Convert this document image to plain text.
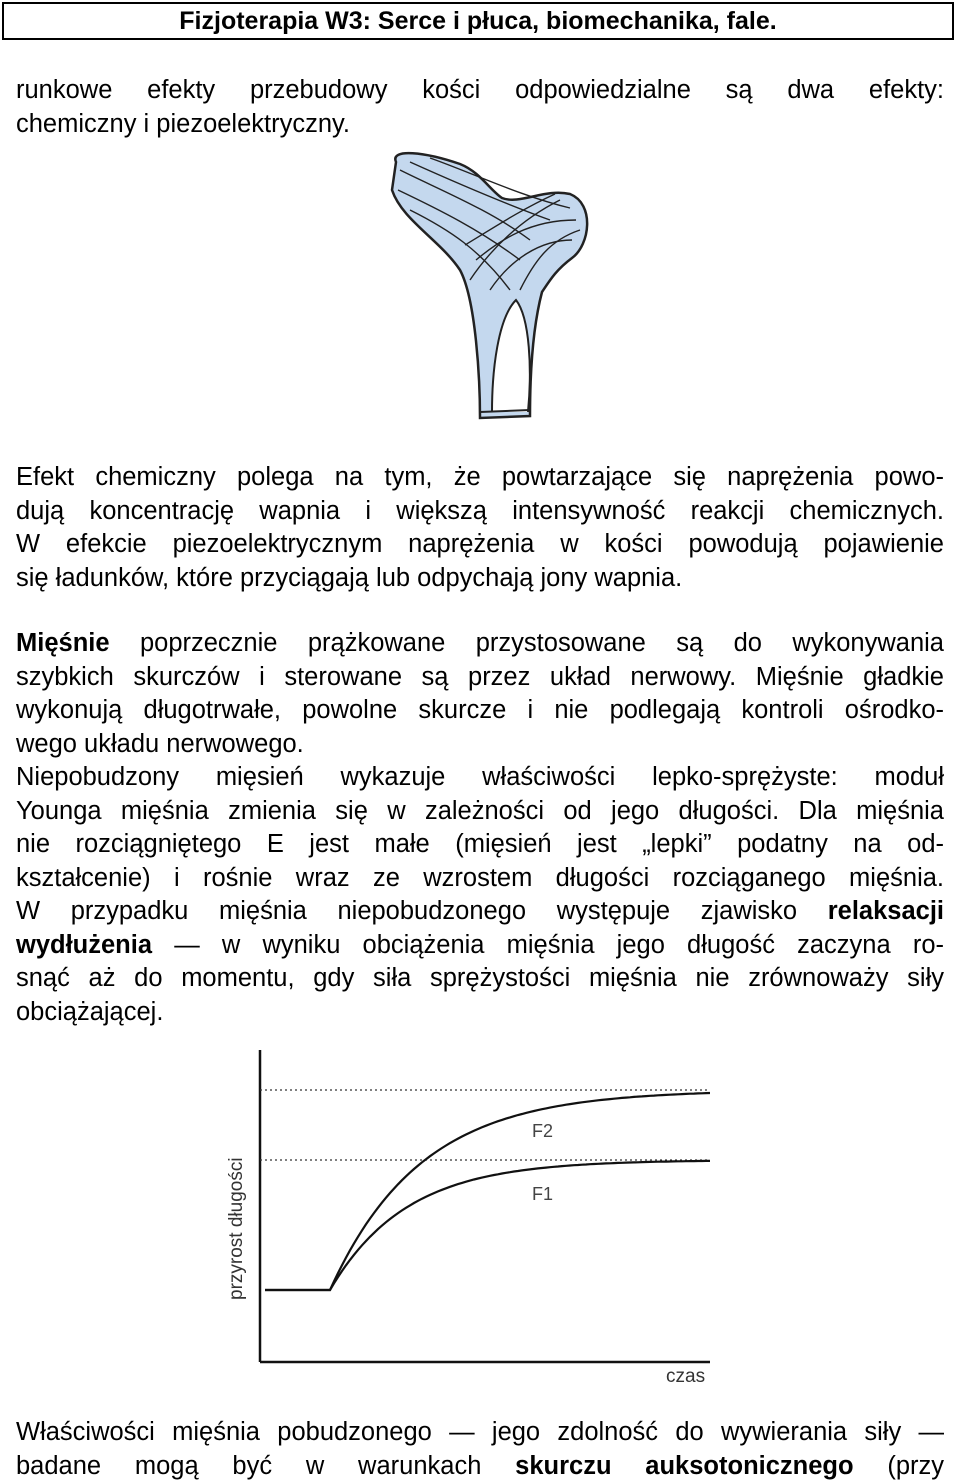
Fizjoterapia W3: Serce i płuca, biomechanika, fale.
runkowe efekty przebudowy kości odpowiedzialne są dwa efekty:
chemiczny i piezoelektryczny.
Efekt chemiczny polega na tym, że powtarzające się naprężenia powo-
dują koncentrację wapnia i większą intensywność reakcji chemicznych.
W efekcie piezoelektrycznym naprężenia w kości powodują pojawienie
się ładunków, które przyciągają lub odpychają jony wapnia.
Mięśnie poprzecznie prążkowane przystosowane są do wykonywania
szybkich skurczów i sterowane są przez układ nerwowy. Mięśnie gładkie
wykonują długotrwałe, powolne skurcze i nie podlegają kontroli ośrodko-
wego układu nerwowego.
Niepobudzony mięsień wykazuje właściwości lepko-sprężyste: moduł
Younga mięśnia zmienia się w zależności od jego długości. Dla mięśnia
nie rozciągniętego E jest małe (mięsień jest „lepki” podatny na od-
kształcenie) i rośnie wraz ze wzrostem długości rozciąganego mięśnia.
W przypadku mięśnia niepobudzonego występuje zjawisko relaksacji
wydłużenia — w wyniku obciążenia mięśnia jego długość zaczyna ro-
snąć aż do momentu, gdy siła sprężystości mięśnia nie zrównoważy siły
obciążającej.
przyrost długości
czas
F2
F1
Właściwości mięśnia pobudzonego — jego zdolność do wywierania siły —
badane mogą być w warunkach skurczu auksotonicznego (przy
